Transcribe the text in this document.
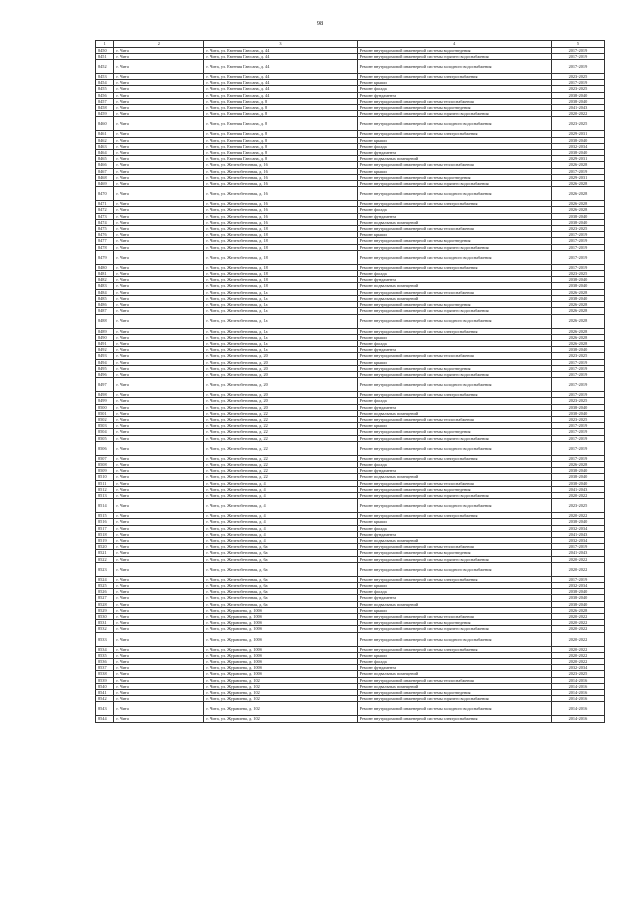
98
1	2	3	4	5
8450	г. Чита	г. Чита, ул. Евгения Гаюсана, д. 44	Ремонт внутридомовой инженерной системы водоотведения	2017-2019
8451	г. Чита	г. Чита, ул. Евгения Гаюсана, д. 44	Ремонт внутридомовой инженерной системы горячего водоснабжения	2017-2019
8452	г. Чита	г. Чита, ул. Евгения Гаюсана, д. 44	Ремонт внутридомовой инженерной системы холодного водоснабжения	2017-2019
8453	г. Чита	г. Чита, ул. Евгения Гаюсана, д. 44	Ремонт внутридомовой инженерной системы электроснабжения	2023-2025
8454	г. Чита	г. Чита, ул. Евгения Гаюсана, д. 44	Ремонт крыши	2017-2019
8455	г. Чита	г. Чита, ул. Евгения Гаюсана, д. 44	Ремонт фасада	2023-2025
8456	г. Чита	г. Чита, ул. Евгения Гаюсана, д. 44	Ремонт фундамента	2038-2040
8457	г. Чита	г. Чита, ул. Евгения Гаюсана, д. 8	Ремонт внутридомовой инженерной системы теплоснабжения	2038-2040
8458	г. Чита	г. Чита, ул. Евгения Гаюсана, д. 8	Ремонт внутридомовой инженерной системы водоотведения	2041-2043
8459	г. Чита	г. Чита, ул. Евгения Гаюсана, д. 8	Ремонт внутридомовой инженерной системы горячего водоснабжения	2020-2022
8460	г. Чита	г. Чита, ул. Евгения Гаюсана, д. 8	Ремонт внутридомовой инженерной системы холодного водоснабжения	2023-2025
8461	г. Чита	г. Чита, ул. Евгения Гаюсана, д. 8	Ремонт внутридомовой инженерной системы электроснабжения	2029-2031
8462	г. Чита	г. Чита, ул. Евгения Гаюсана, д. 8	Ремонт крыши	2038-2040
8463	г. Чита	г. Чита, ул. Евгения Гаюсана, д. 8	Ремонт фасада	2032-2034
8464	г. Чита	г. Чита, ул. Евгения Гаюсана, д. 8	Ремонт фундамента	2038-2040
8465	г. Чита	г. Чита, ул. Евгения Гаюсана, д. 8	Ремонт подвальных помещений	2029-2031
8466	г. Чита	г. Чита, ул. Железобетонная, д. 16	Ремонт внутридомовой инженерной системы теплоснабжения	2026-2028
8467	г. Чита	г. Чита, ул. Железобетонная, д. 16	Ремонт крыши	2017-2019
8468	г. Чита	г. Чита, ул. Железобетонная, д. 16	Ремонт внутридомовой инженерной системы водоотведения	2029-2031
8469	г. Чита	г. Чита, ул. Железобетонная, д. 16	Ремонт внутридомовой инженерной системы горячего водоснабжения	2026-2028
8470	г. Чита	г. Чита, ул. Железобетонная, д. 16	Ремонт внутридомовой инженерной системы холодного водоснабжения	2026-2028
8471	г. Чита	г. Чита, ул. Железобетонная, д. 16	Ремонт внутридомовой инженерной системы электроснабжения	2026-2028
8472	г. Чита	г. Чита, ул. Железобетонная, д. 16	Ремонт фасада	2026-2028
8473	г. Чита	г. Чита, ул. Железобетонная, д. 16	Ремонт фундамента	2038-2040
8474	г. Чита	г. Чита, ул. Железобетонная, д. 16	Ремонт подвальных помещений	2038-2040
8475	г. Чита	г. Чита, ул. Железобетонная, д. 18	Ремонт внутридомовой инженерной системы теплоснабжения	2023-2025
8476	г. Чита	г. Чита, ул. Железобетонная, д. 18	Ремонт крыши	2017-2019
8477	г. Чита	г. Чита, ул. Железобетонная, д. 18	Ремонт внутридомовой инженерной системы водоотведения	2017-2019
8478	г. Чита	г. Чита, ул. Железобетонная, д. 18	Ремонт внутридомовой инженерной системы горячего водоснабжения	2017-2019
8479	г. Чита	г. Чита, ул. Железобетонная, д. 18	Ремонт внутридомовой инженерной системы холодного водоснабжения	2017-2019
8480	г. Чита	г. Чита, ул. Железобетонная, д. 18	Ремонт внутридомовой инженерной системы электроснабжения	2017-2019
8481	г. Чита	г. Чита, ул. Железобетонная, д. 18	Ремонт фасада	2023-2025
8482	г. Чита	г. Чита, ул. Железобетонная, д. 18	Ремонт фундамента	2038-2040
8483	г. Чита	г. Чита, ул. Железобетонная, д. 18	Ремонт подвальных помещений	2038-2040
8484	г. Чита	г. Чита, ул. Железобетонная, д. 1а	Ремонт внутридомовой инженерной системы теплоснабжения	2026-2028
8485	г. Чита	г. Чита, ул. Железобетонная, д. 1а	Ремонт подвальных помещений	2038-2040
8486	г. Чита	г. Чита, ул. Железобетонная, д. 1а	Ремонт внутридомовой инженерной системы водоотведения	2026-2028
8487	г. Чита	г. Чита, ул. Железобетонная, д. 1а	Ремонт внутридомовой инженерной системы горячего водоснабжения	2026-2028
8488	г. Чита	г. Чита, ул. Железобетонная, д. 1а	Ремонт внутридомовой инженерной системы холодного водоснабжения	2026-2028
8489	г. Чита	г. Чита, ул. Железобетонная, д. 1а	Ремонт внутридомовой инженерной системы электроснабжения	2026-2028
8490	г. Чита	г. Чита, ул. Железобетонная, д. 1а	Ремонт крыши	2026-2028
8491	г. Чита	г. Чита, ул. Железобетонная, д. 1а	Ремонт фасада	2026-2028
8492	г. Чита	г. Чита, ул. Железобетонная, д. 1а	Ремонт фундамента	2038-2040
8493	г. Чита	г. Чита, ул. Железобетонная, д. 20	Ремонт внутридомовой инженерной системы теплоснабжения	2023-2025
8494	г. Чита	г. Чита, ул. Железобетонная, д. 20	Ремонт крыши	2017-2019
8495	г. Чита	г. Чита, ул. Железобетонная, д. 20	Ремонт внутридомовой инженерной системы водоотведения	2017-2019
8496	г. Чита	г. Чита, ул. Железобетонная, д. 20	Ремонт внутридомовой инженерной системы горячего водоснабжения	2017-2019
8497	г. Чита	г. Чита, ул. Железобетонная, д. 20	Ремонт внутридомовой инженерной системы холодного водоснабжения	2017-2019
8498	г. Чита	г. Чита, ул. Железобетонная, д. 20	Ремонт внутридомовой инженерной системы электроснабжения	2017-2019
8499	г. Чита	г. Чита, ул. Железобетонная, д. 20	Ремонт фасада	2023-2025
8500	г. Чита	г. Чита, ул. Железобетонная, д. 20	Ремонт фундамента	2038-2040
8501	г. Чита	г. Чита, ул. Железобетонная, д. 22	Ремонт подвальных помещений	2038-2040
8502	г. Чита	г. Чита, ул. Железобетонная, д. 22	Ремонт внутридомовой инженерной системы теплоснабжения	2023-2025
8503	г. Чита	г. Чита, ул. Железобетонная, д. 22	Ремонт крыши	2017-2019
8504	г. Чита	г. Чита, ул. Железобетонная, д. 22	Ремонт внутридомовой инженерной системы водоотведения	2017-2019
8505	г. Чита	г. Чита, ул. Железобетонная, д. 22	Ремонт внутридомовой инженерной системы горячего водоснабжения	2017-2019
8506	г. Чита	г. Чита, ул. Железобетонная, д. 22	Ремонт внутридомовой инженерной системы холодного водоснабжения	2017-2019
8507	г. Чита	г. Чита, ул. Железобетонная, д. 22	Ремонт внутридомовой инженерной системы электроснабжения	2017-2019
8508	г. Чита	г. Чита, ул. Железобетонная, д. 22	Ремонт фасада	2026-2028
8509	г. Чита	г. Чита, ул. Железобетонная, д. 22	Ремонт фундамента	2038-2040
8510	г. Чита	г. Чита, ул. Железобетонная, д. 22	Ремонт подвальных помещений	2038-2040
8511	г. Чита	г. Чита, ул. Железобетонная, д. 4	Ремонт внутридомовой инженерной системы теплоснабжения	2038-2040
8512	г. Чита	г. Чита, ул. Железобетонная, д. 4	Ремонт внутридомовой инженерной системы водоотведения	2041-2043
8513	г. Чита	г. Чита, ул. Железобетонная, д. 4	Ремонт внутридомовой инженерной системы горячего водоснабжения	2020-2022
8514	г. Чита	г. Чита, ул. Железобетонная, д. 4	Ремонт внутридомовой инженерной системы холодного водоснабжения	2023-2025
8515	г. Чита	г. Чита, ул. Железобетонная, д. 4	Ремонт внутридомовой инженерной системы электроснабжения	2020-2022
8516	г. Чита	г. Чита, ул. Железобетонная, д. 4	Ремонт крыши	2038-2040
8517	г. Чита	г. Чита, ул. Железобетонная, д. 4	Ремонт фасада	2032-2034
8518	г. Чита	г. Чита, ул. Железобетонная, д. 4	Ремонт фундамента	2041-2043
8519	г. Чита	г. Чита, ул. Железобетонная, д. 4	Ремонт подвальных помещений	2032-2034
8520	г. Чита	г. Чита, ул. Железобетонная, д. 6а	Ремонт внутридомовой инженерной системы теплоснабжения	2017-2019
8521	г. Чита	г. Чита, ул. Железобетонная, д. 6а	Ремонт внутридомовой инженерной системы водоотведения	2041-2043
8522	г. Чита	г. Чита, ул. Железобетонная, д. 6а	Ремонт внутридомовой инженерной системы горячего водоснабжения	2020-2022
8523	г. Чита	г. Чита, ул. Железобетонная, д. 6а	Ремонт внутридомовой инженерной системы холодного водоснабжения	2020-2022
8524	г. Чита	г. Чита, ул. Железобетонная, д. 6а	Ремонт внутридомовой инженерной системы электроснабжения	2017-2019
8525	г. Чита	г. Чита, ул. Железобетонная, д. 6а	Ремонт крыши	2032-2034
8526	г. Чита	г. Чита, ул. Железобетонная, д. 6а	Ремонт фасада	2038-2040
8527	г. Чита	г. Чита, ул. Железобетонная, д. 6а	Ремонт фундамента	2038-2040
8528	г. Чита	г. Чита, ул. Железобетонная, д. 6а	Ремонт подвальных помещений	2038-2040
8529	г. Чита	г. Чита, ул. Журавлева, д. 100б	Ремонт крыши	2026-2028
8530	г. Чита	г. Чита, ул. Журавлева, д. 100б	Ремонт внутридомовой инженерной системы теплоснабжения	2020-2022
8531	г. Чита	г. Чита, ул. Журавлева, д. 100б	Ремонт внутридомовой инженерной системы водоотведения	2020-2022
8532	г. Чита	г. Чита, ул. Журавлева, д. 100б	Ремонт внутридомовой инженерной системы горячего водоснабжения	2020-2022
8533	г. Чита	г. Чита, ул. Журавлева, д. 100б	Ремонт внутридомовой инженерной системы холодного водоснабжения	2020-2022
8534	г. Чита	г. Чита, ул. Журавлева, д. 100б	Ремонт внутридомовой инженерной системы электроснабжения	2020-2022
8535	г. Чита	г. Чита, ул. Журавлева, д. 100б	Ремонт крыши	2020-2022
8536	г. Чита	г. Чита, ул. Журавлева, д. 100б	Ремонт фасада	2020-2022
8537	г. Чита	г. Чита, ул. Журавлева, д. 100б	Ремонт фундамента	2032-2034
8538	г. Чита	г. Чита, ул. Журавлева, д. 100б	Ремонт подвальных помещений	2023-2025
8539	г. Чита	г. Чита, ул. Журавлева, д. 102	Ремонт внутридомовой инженерной системы теплоснабжения	2014-2016
8540	г. Чита	г. Чита, ул. Журавлева, д. 102	Ремонт подвальных помещений	2014-2016
8541	г. Чита	г. Чита, ул. Журавлева, д. 102	Ремонт внутридомовой инженерной системы водоотведения	2014-2016
8542	г. Чита	г. Чита, ул. Журавлева, д. 102	Ремонт внутридомовой инженерной системы горячего водоснабжения	2014-2016
8543	г. Чита	г. Чита, ул. Журавлева, д. 102	Ремонт внутридомовой инженерной системы холодного водоснабжения	2014-2016
8544	г. Чита	г. Чита, ул. Журавлева, д. 102	Ремонт внутридомовой инженерной системы электроснабжения	2014-2016
